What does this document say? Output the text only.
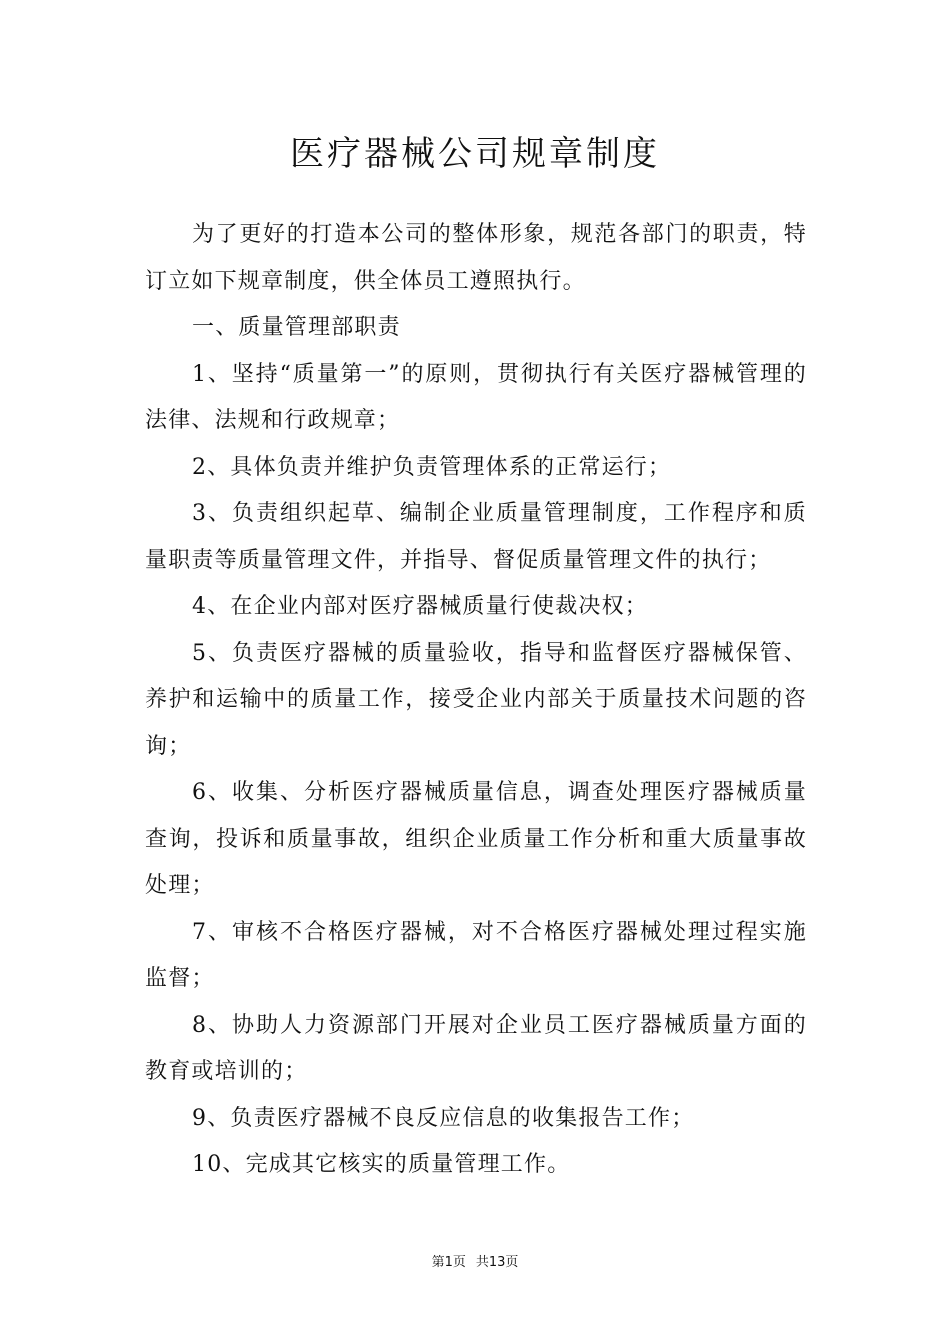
医疗器械公司规章制度

为了更好的打造本公司的整体形象，规范各部门的职责，特订立如下规章制度，供全体员工遵照执行。

一、质量管理部职责

1、坚持“质量第一”的原则，贯彻执行有关医疗器械管理的法律、法规和行政规章；

2、具体负责并维护负责管理体系的正常运行；

3、负责组织起草、编制企业质量管理制度，工作程序和质量职责等质量管理文件，并指导、督促质量管理文件的执行；

4、在企业内部对医疗器械质量行使裁决权；

5、负责医疗器械的质量验收，指导和监督医疗器械保管、养护和运输中的质量工作，接受企业内部关于质量技术问题的咨询；

6、收集、分析医疗器械质量信息，调查处理医疗器械质量查询，投诉和质量事故，组织企业质量工作分析和重大质量事故处理；

7、审核不合格医疗器械，对不合格医疗器械处理过程实施监督；

8、协助人力资源部门开展对企业员工医疗器械质量方面的教育或培训的；

9、负责医疗器械不良反应信息的收集报告工作；

10、完成其它核实的质量管理工作。

第1页 共13页
